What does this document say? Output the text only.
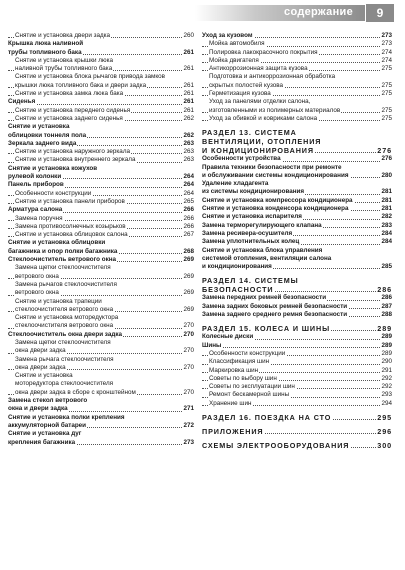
содержание	9
Снятие и установка двери задка	260
Крышка люка наливной
трубы топливного бака	261
Снятие и установка крышки люка
наливной трубы топливного бака	261
Снятие и установка блока рычагов привода замков
крышки люка топливного бака и двери задка	261
Снятие и установка замка люка бака	261
Сиденья	261
Снятие и установка переднего сиденья	261
Снятие и установка заднего сиденья	262
Снятие и установка
облицовки тоннеля пола	262
Зеркала заднего вида	263
Снятие и установка наружного зеркала	263
Снятие и установка внутреннего зеркала	263
Снятие и установка кожухов
рулевой колонки	264
Панель приборов	264
Особенности конструкции	264
Снятие и установка панели приборов	265
Арматура салона	266
Замена поручня	266
Замена противосолнечных козырьков	266
Снятие и установка облицовок салона	267
Снятие и установка облицовки
багажника и опор полки багажника	268
Стеклоочиститель ветрового окна	269
Замена щетки стеклоочистителя
ветрового окна	269
Замена рычагов стеклоочистителя
ветрового окна	269
Снятие и установка трапеции
стеклоочистителя ветрового окна	269
Снятие и установка моторедуктора
стеклоочистителя ветрового окна	270
Стеклоочиститель окна двери задка	270
Замена щетки стеклоочистителя
окна двери задка	270
Замена рычага стеклоочистителя
окна двери задка	270
Снятие и установка
моторедуктора стеклоочистителя
окна двери задка в сборе с кронштейном	270
Замена стекол ветрового
окна и двери задка	271
Снятие и установка полки крепления
аккумуляторной батареи	272
Снятие и установка дуг
крепления багажника	273
Уход за кузовом	273
Мойка автомобиля	273
Полировка лакокрасочного покрытия	274
Мойка двигателя	274
Антикоррозионная защита кузова	275
Подготовка и антикоррозионная обработка
скрытых полостей кузова	275
Герметизация кузова	275
Уход за панелями отделки салона,
изготовленными из полимерных материалов	275
Уход за обивкой и ковриками салона	275
РАЗДЕЛ 13. СИСТЕМА
ВЕНТИЛЯЦИИ, ОТОПЛЕНИЯ
И КОНДИЦИОНИРОВАНИЯ	276
Особенности устройства	276
Правила техники безопасности при ремонте
и обслуживании системы кондиционирования	280
Удаление хладагента
из системы кондиционирования	281
Снятие и установка компрессора кондиционера	281
Снятие и установка конденсора кондиционера	281
Снятие и установка испарителя	282
Замена терморегулирующего клапана	283
Замена ресивера-осушителя	284
Замена уплотнительных колец	284
Снятие и установка блока управления
системой отопления, вентиляции салона
и кондиционирования	285
РАЗДЕЛ 14. СИСТЕМЫ
БЕЗОПАСНОСТИ	286
Замена передних ремней безопасности	286
Замена задних боковых ремней безопасности	287
Замена заднего среднего ремня безопасности	288
РАЗДЕЛ 15. КОЛЕСА И ШИНЫ	289
Колесные диски	289
Шины	289
Особенности конструкции	289
Классификация шин	290
Маркировка шин	291
Советы по выбору шин	292
Советы по эксплуатации шин	292
Ремонт бескамерной шины	293
Хранение шин	294
РАЗДЕЛ 16. ПОЕЗДКА НА СТО	295
ПРИЛОЖЕНИЯ	296
СХЕМЫ ЭЛЕКТРООБОРУДОВАНИЯ	300
